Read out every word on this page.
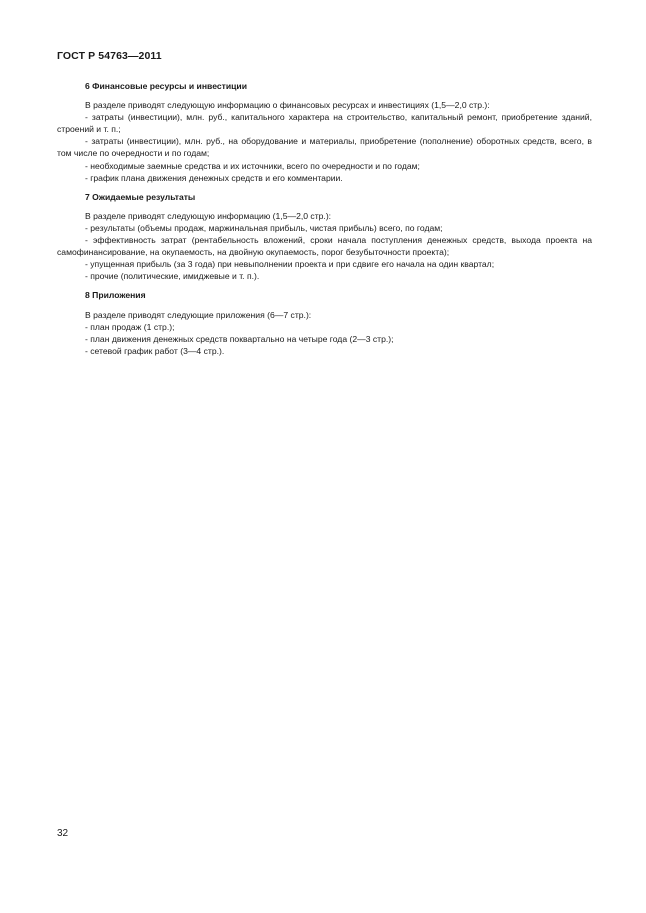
ГОСТ Р 54763—2011
6 Финансовые ресурсы и инвестиции

В разделе приводят следующую информацию о финансовых ресурсах и инвестициях (1,5—2,0 стр.):

- затраты (инвестиции), млн. руб., капитального характера на строительство, капитальный ремонт, приобретение зданий, строений и т. п.;

- затраты (инвестиции), млн. руб., на оборудование и материалы, приобретение (пополнение) оборотных средств, всего, в том числе по очередности и по годам;

- необходимые заемные средства и их источники, всего по очередности и по годам;

- график плана движения денежных средств и его комментарии.

7 Ожидаемые результаты

В разделе приводят следующую информацию (1,5—2,0 стр.):

- результаты (объемы продаж, маржинальная прибыль, чистая прибыль) всего, по годам;

- эффективность затрат (рентабельность вложений, сроки начала поступления денежных средств, выхода проекта на самофинансирование, на окупаемость, на двойную окупаемость, порог безубыточности проекта);

- упущенная прибыль (за 3 года) при невыполнении проекта и при сдвиге его начала на один квартал;

- прочие (политические, имиджевые и т. п.).

8 Приложения

В разделе приводят следующие приложения (6—7 стр.):

- план продаж (1 стр.);

- план движения денежных средств поквартально на четыре года (2—3 стр.);

- сетевой график работ (3—4 стр.).

32
